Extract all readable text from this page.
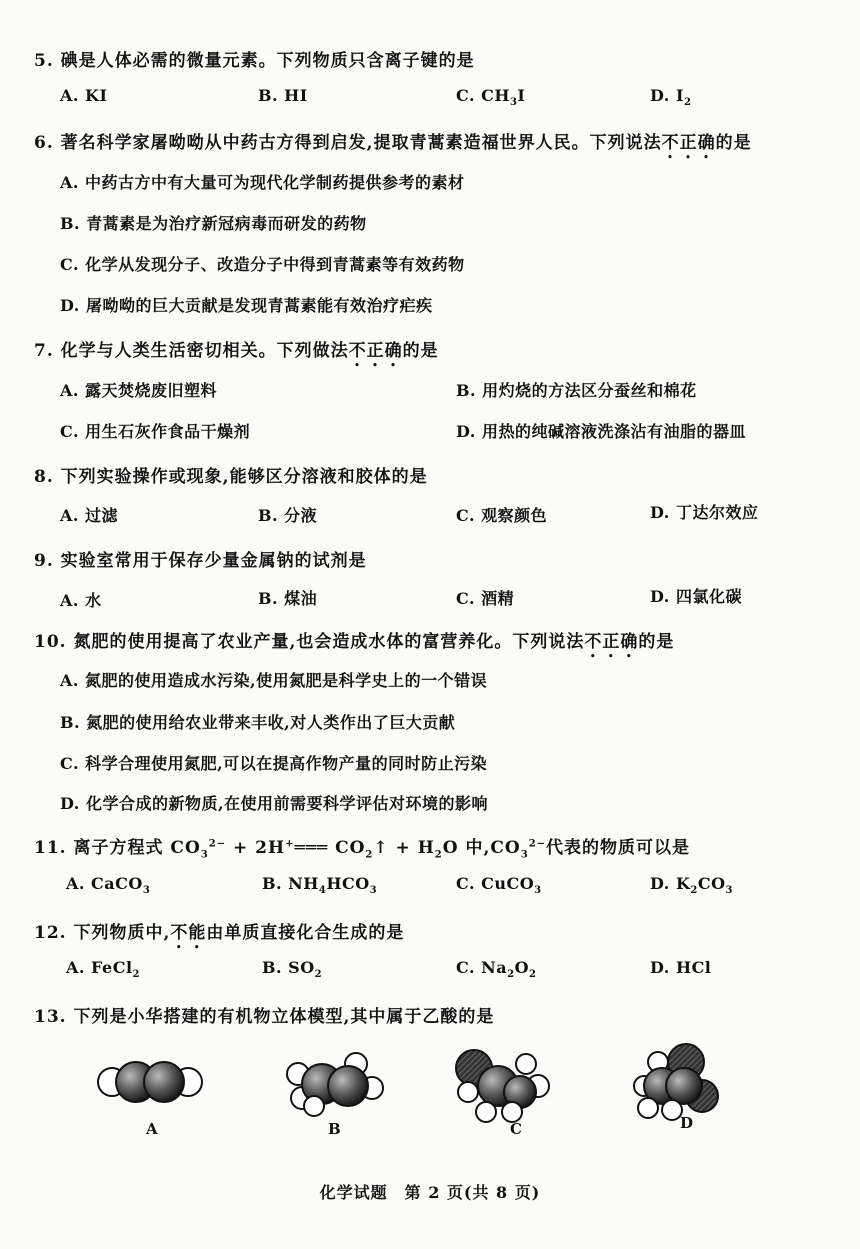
5. 碘是人体必需的微量元素。下列物质只含离子键的是
A. KI	B. HI	C. $CH_3I$	D. $I_2$
6. 著名科学家屠呦呦从中药古方得到启发,提取青蒿素造福世界人民。下列说法不正确的是
A. 中药古方中有大量可为现代化学制药提供参考的素材
B. 青蒿素是为治疗新冠病毒而研发的药物
C. 化学从发现分子、改造分子中得到青蒿素等有效药物
D. 屠呦呦的巨大贡献是发现青蒿素能有效治疗疟疾
7. 化学与人类生活密切相关。下列做法不正确的是
A. 露天焚烧废旧塑料	B. 用灼烧的方法区分蚕丝和棉花
C. 用生石灰作食品干燥剂	D. 用热的纯碱溶液洗涤沾有油脂的器皿
8. 下列实验操作或现象,能够区分溶液和胶体的是
A. 过滤	B. 分液	C. 观察颜色	D. 丁达尔效应
9. 实验室常用于保存少量金属钠的试剂是
A. 水	B. 煤油	C. 酒精	D. 四氯化碳
10. 氮肥的使用提高了农业产量,也会造成水体的富营养化。下列说法不正确的是
A. 氮肥的使用造成水污染,使用氮肥是科学史上的一个错误
B. 氮肥的使用给农业带来丰收,对人类作出了巨大贡献
C. 科学合理使用氮肥,可以在提高作物产量的同时防止污染
D. 化学合成的新物质,在使用前需要科学评估对环境的影响
11. 离子方程式 $CO_3^{2-}$ + 2H+═══ $CO_2↑ + H_2O$ 中$,CO_3^{2-}$代表的物质可以是
A. CaCO$_3$	B. $NH_4HCO_3$	C. CuCO$_3$	D. $K_2CO_3$
12. 下列物质中,不能由单质直接化合生成的是
A. FeCl$_2$	B. $SO_2$	C. $Na_2O_2$	D. HCl
13. 下列是小华搭建的有机物立体模型,其中属于乙酸的是
A	B	C	D
化学试题　第 2 页(共 8 页)
